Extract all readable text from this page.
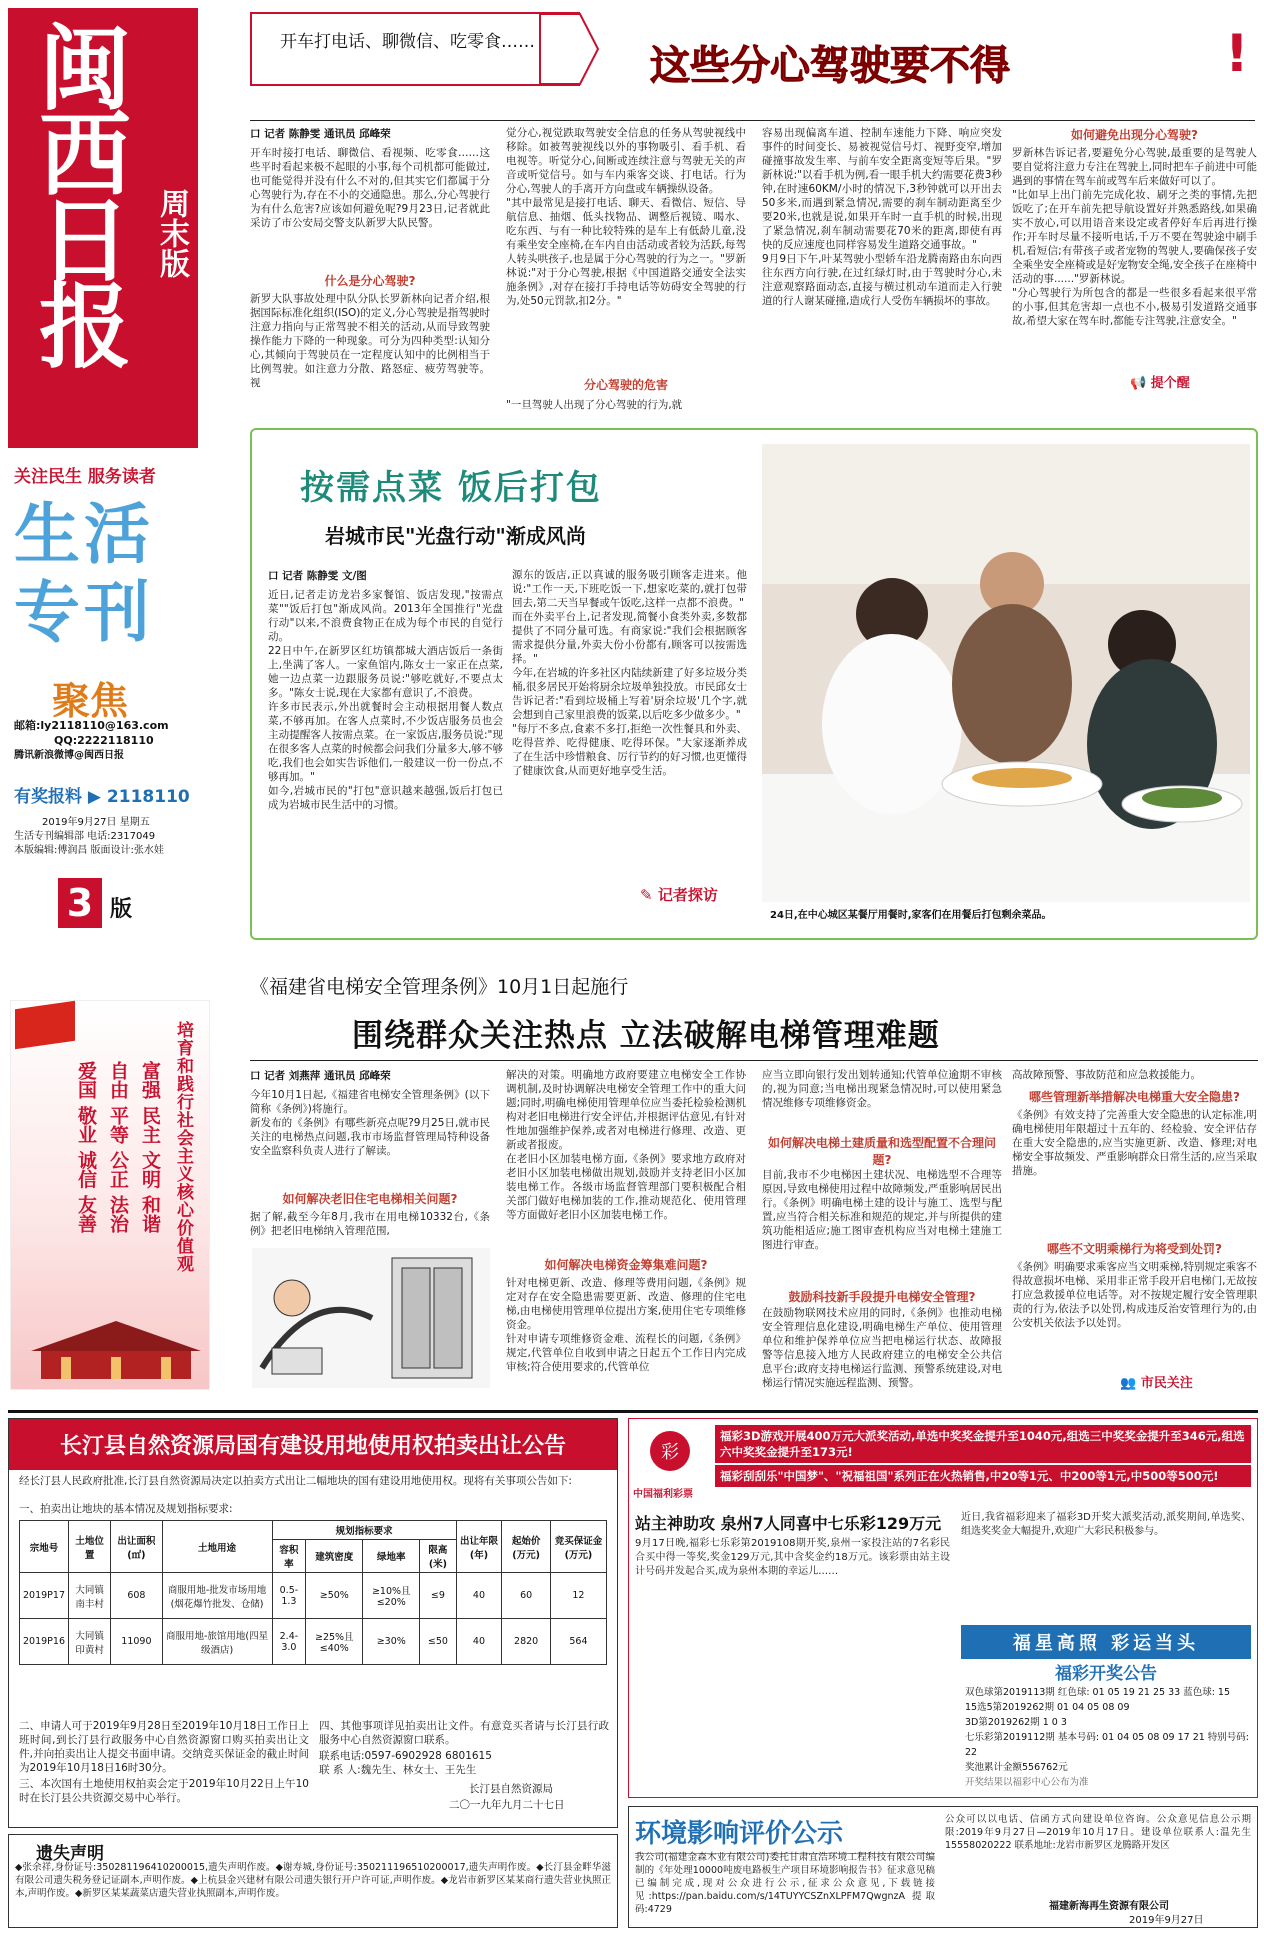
闽西日报 周末版
关注民生 服务读者
生活专刊
聚焦
邮箱:ly2118110@163.com
QQ:2222118110
腾讯新浪微博@闽西日报
有奖报料 ▶ 2118110
2019年9月27日 星期五
生活专刊编辑部 电话:2317049
本版编辑:傅润昌 版面设计:张水娃
3 版
培育和践行社会主义核心价值观
富强 民主 文明 和谐
自由 平等 公正 法治
爱国 敬业 诚信 友善
开车打电话、聊微信、吃零食……
这些分心驾驶要不得	!
口 记者 陈静雯 通讯员 邱峰荣
开车时接打电话、聊微信、看视频、吃零食……这些平时看起来极不起眼的小事,每个司机都可能做过,也可能觉得并没有什么不对的,但其实它们都属于分心驾驶行为,存在不小的交通隐患。那么,分心驾驶行为有什么危害?应该如何避免呢?9月23日,记者就此采访了市公安局交警支队新罗大队民警。
什么是分心驾驶?
新罗大队事故处理中队分队长罗新林向记者介绍,根据国际标准化组织(ISO)的定义,分心驾驶是指驾驶时注意力指向与正常驾驶不相关的活动,从而导致驾驶操作能力下降的一种现象。可分为四种类型:认知分心,其倾向于驾驶员在一定程度认知中的比例相当于比例驾驶。如注意力分散、路怒症、疲劳驾驶等。视
觉分心,视觉跌取驾驶安全信息的任务从驾驶视线中移除。如被驾驶视线以外的事物吸引、看手机、看电视等。听觉分心,间断或连续注意与驾驶无关的声音或听觉信号。如与车内乘客交谈、打电话。行为分心,驾驶人的手离开方向盘或车辆操纵设备。
"其中最常见是接打电话、聊天、看微信、短信、导航信息、抽烟、低头找物品、调整后视镜、喝水、吃东西、与有一种比较特殊的是车上有低龄儿童,没有乘坐安全座椅,在车内自由活动或者较为活跃,每驾人转头哄孩子,也是属于分心驾驶的行为之一。"罗新林说:"对于分心驾驶,根据《中国道路交通安全法实施条例》,对存在接打手持电话等妨碍安全驾驶的行为,处50元罚款,扣2分。"
分心驾驶的危害
"一旦驾驶人出现了分心驾驶的行为,就
容易出现偏离车道、控制车速能力下降、响应突发事件的时间变长、易被视觉信号灯、视野变窄,增加碰撞事故发生率、与前车安全距离变短等后果。"罗新林说:"以看手机为例,看一眼手机大约需要花费3秒钟,在时速60KM/小时的情况下,3秒钟就可以开出去50多米,而遇到紧急情况,需要的刹车制动距离至少要20米,也就是说,如果开车时一直手机的时候,出现了紧急情况,刹车制动需要花70米的距离,即使有再快的反应速度也同样容易发生道路交通事故。"
9月9日下午,叶某驾驶小型轿车沿龙腾南路由东向西往东西方向行驶,在过红绿灯时,由于驾驶时分心,未注意观察路面动态,直接与横过机动车道而走入行驶道的行人谢某碰撞,造成行人受伤车辆损坏的事故。
如何避免出现分心驾驶?
罗新林告诉记者,要避免分心驾驶,最重要的是驾驶人要自觉将注意力专注在驾驶上,同时把车子前进中可能遇到的事情在驾车前或驾车后来做好可以了。
"比如早上出门前先完成化妆、刷牙之类的事情,先把饭吃了;在开车前先把导航设置好并熟悉路线,如果确实不放心,可以用语音来设定或者停好车后再进行操作;开车时尽量不接听电话,千万不要在驾驶途中刷手机,看短信;有带孩子或者宠物的驾驶人,要确保孩子安全乘坐安全座椅或是好宠物安全绳,安全孩子在座椅中活动的事......"罗新林说。
"分心驾驶行为所包含的都是一些很多看起来很平常的小事,但其危害却一点也不小,极易引发道路交通事故,希望大家在驾车时,都能专注驾驶,注意安全。"
📢 提个醒
按需点菜 饭后打包
岩城市民"光盘行动"渐成风尚
口 记者 陈静雯 文/图
近日,记者走访龙岩多家餐馆、饭店发现,"按需点菜""饭后打包"渐成风尚。2013年全国推行"光盘行动"以来,不浪费食物正在成为每个市民的自觉行动。
22日中午,在新罗区红坊镇都城大酒店饭后一条街上,坐满了客人。一家鱼馆内,陈女士一家正在点菜,她一边点菜一边跟服务员说:"够吃就好,不要点太多。"陈女士说,现在大家都有意识了,不浪费。
许多市民表示,外出就餐时会主动根据用餐人数点菜,不够再加。在客人点菜时,不少饭店服务员也会主动提醒客人按需点菜。在一家饭店,服务员说:"现在很多客人点菜的时候都会问我们分量多大,够不够吃,我们也会如实告诉他们,一般建议一份一份点,不够再加。"
如今,岩城市民的"打包"意识越来越强,饭后打包已成为岩城市民生活中的习惯。
源东的饭店,正以真诚的服务吸引顾客走进来。他说:"工作一天,下班吃饭一下,想家吃菜的,就打包带回去,第二天当早餐或午饭吃,这样一点都不浪费。"
而在外卖平台上,记者发现,简餐小食类外卖,多数都提供了不同分量可选。有商家说:"我们会根据顾客需求提供分量,外卖大份小份都有,顾客可以按需选择。"
今年,在岩城的许多社区内陆续新建了好多垃圾分类桶,很多居民开始将厨余垃圾单独投放。市民邱女士告诉记者:"看到垃圾桶上写着'厨余垃圾'几个字,就会想到自己家里浪费的饭菜,以后吃多少做多少。"
"每厅不多点,食素不多打,拒绝一次性餐具和外卖、吃得营养、吃得健康、吃得环保。"大家逐渐养成了在生活中珍惜粮食、厉行节约的好习惯,也更懂得了健康饮食,从而更好地享受生活。
✎ 记者探访
24日,在中心城区某餐厅用餐时,家客们在用餐后打包剩余菜品。
《福建省电梯安全管理条例》10月1日起施行
围绕群众关注热点 立法破解电梯管理难题
口 记者 刘燕萍 通讯员 邱峰荣
今年10月1日起,《福建省电梯安全管理条例》(以下简称《条例》)将施行。
新发布的《条例》有哪些新亮点呢?9月25日,就市民关注的电梯热点问题,我市市场监督管理局特种设备安全监察科负责人进行了解读。
如何解决老旧住宅电梯相关问题?
据了解,截至今年8月,我市在用电梯10332台,《条例》把老旧电梯纳入管理范围,
解决的对策。明确地方政府要建立电梯安全工作协调机制,及时协调解决电梯安全管理工作中的重大问题;同时,明确电梯使用管理单位应当委托检验检测机构对老旧电梯进行安全评估,并根据评估意见,有针对性地加强维护保养,或者对电梯进行修理、改造、更新或者报废。
在老旧小区加装电梯方面,《条例》要求地方政府对老旧小区加装电梯做出规划,鼓励并支持老旧小区加装电梯工作。各级市场监督管理部门要积极配合相关部门做好电梯加装的工作,推动规范化、使用管理等方面做好老旧小区加装电梯工作。
如何解决电梯资金筹集难问题?
针对电梯更新、改造、修理等费用问题,《条例》规定对存在安全隐患需要更新、改造、修理的住宅电梯,由电梯使用管理单位提出方案,使用住宅专项维修资金。
针对申请专项维修资金难、流程长的问题,《条例》规定,代管单位自收到申请之日起五个工作日内完成审核;符合使用要求的,代管单位
应当立即向银行发出划转通知;代管单位逾期不审核的,视为同意;当电梯出现紧急情况时,可以使用紧急情况维修专项维修资金。
如何解决电梯土建质量和选型配置不合理问题?
目前,我市不少电梯因土建状况、电梯选型不合理等原因,导致电梯使用过程中故障频发,严重影响居民出行。《条例》明确电梯土建的设计与施工、选型与配置,应当符合相关标准和规范的规定,并与所提供的建筑功能相适应;施工图审查机构应当对电梯土建施工图进行审查。
鼓励科技新手段提升电梯安全管理?
在鼓励物联网技术应用的同时,《条例》也推动电梯安全管理信息化建设,明确电梯生产单位、使用管理单位和维护保养单位应当把电梯运行状态、故障报警等信息接入地方人民政府建立的电梯安全公共信息平台;政府支持电梯运行监测、预警系统建设,对电梯运行情况实施远程监测、预警。
高故障预警、事故防范和应急救援能力。
哪些管理新举措解决电梯重大安全隐患?
《条例》有效支持了完善重大安全隐患的认定标准,明确电梯使用年限超过十五年的、经检验、安全评估存在重大安全隐患的,应当实施更新、改造、修理;对电梯安全事故频发、严重影响群众日常生活的,应当采取措施。
哪些不文明乘梯行为将受到处罚?
《条例》明确要求乘客应当文明乘梯,特别规定乘客不得故意损坏电梯、采用非正常手段开启电梯门,无故按打应急救援单位电话等。对不按规定履行安全管理职责的行为,依法予以处罚,构成违反治安管理行为的,由公安机关依法予以处罚。
👥 市民关注
长汀县自然资源局国有建设用地使用权拍卖出让公告
经长汀县人民政府批准,长汀县自然资源局决定以拍卖方式出让二幅地块的国有建设用地使用权。现将有关事项公告如下:
一、拍卖出让地块的基本情况及规划指标要求:
宗地号	土地位置	出让面积(㎡)	土地用途	规划指标要求				出让年限(年)	起始价(万元)	竞买保证金(万元)
				容积率	建筑密度	绿地率	限高(米)			
2019P17	大同镇南丰村	608	商服用地-批发市场用地(烟花爆竹批发、仓储)	0.5-1.3	≥50%	≥10%且≤20%	≤9	40	60	12
2019P16	大同镇印黄村	11090	商服用地-旅馆用地(四星级酒店)	2.4-3.0	≥25%且≤40%	≥30%	≤50	40	2820	564
二、申请人可于2019年9月28日至2019年10月18日工作日上班时间,到长汀县行政服务中心自然资源窗口购买拍卖出让文件,并向拍卖出让人提交书面申请。交纳竞买保证金的截止时间为2019年10月18日16时30分。
三、本次国有土地使用权拍卖会定于2019年10月22日上午10时在长汀县公共资源交易中心举行。
四、其他事项详见拍卖出让文件。有意竞买者请与长汀县行政服务中心自然资源窗口联系。
联系电话:0597-6902928 6801615
联 系 人:魏先生、林女士、王先生
长汀县自然资源局
二〇一九年九月二十七日
遗失声明
◆张余祥,身份证号:350281196410200015,遗失声明作废。◆谢寿城,身份证号:350211196510200017,遗失声明作废。◆长汀县金畔华滋有限公司遗失税务登记证副本,声明作废。◆上杭县金兴建材有限公司遗失银行开户许可证,声明作废。◆龙岩市新罗区某某商行遗失营业执照正本,声明作废。◆新罗区某某蔬菜店遗失营业执照副本,声明作废。
彩
中国福利彩票
福彩3D游戏开展400万元大派奖活动,单选中奖奖金提升至1040元,组选三中奖奖金提升至346元,组选六中奖奖金提升至173元!
福彩刮刮乐"中国梦"、"祝福祖国"系列正在火热销售,中20等1元、中200等1元,中500等500元!
站主神助攻 泉州7人同喜中七乐彩129万元
9月17日晚,福彩七乐彩第2019108期开奖,泉州一家投注站的7名彩民合买中得一等奖,奖金129万元,其中含奖金约18万元。该彩票由站主设计号码并发起合买,成为泉州本期的幸运儿……
近日,我省福彩迎来了福彩3D开奖大派奖活动,派奖期间,单选奖、组选奖奖金大幅提升,欢迎广大彩民积极参与。
福星高照 彩运当头
福彩开奖公告
双色球第2019113期 红色球: 01 05 19 21 25 33 蓝色球: 15
15选5第2019262期 01 04 05 08 09
3D第2019262期 1 0 3
七乐彩第2019112期 基本号码: 01 04 05 08 09 17 21 特别号码: 22
奖池累计金额556762元
开奖结果以福彩中心公布为准
环境影响评价公示
我公司(福建金森木业有限公司)委托甘肃宜浩环境工程科技有限公司编制的《年处理10000吨废电路板生产项目环境影响报告书》征求意见稿已编制完成,现对公众进行公示,征求公众意见,下载链接见:https://pan.baidu.com/s/14TUYYCSZnXLPFM7QwgnzA 提取码:4729
公众可以以电话、信函方式向建设单位咨询。公众意见信息公示期限:2019年9月27日—2019年10月17日。建设单位联系人:温先生 15558020222 联系地址:龙岩市新罗区龙腾路开发区
福建新海再生资源有限公司
2019年9月27日
